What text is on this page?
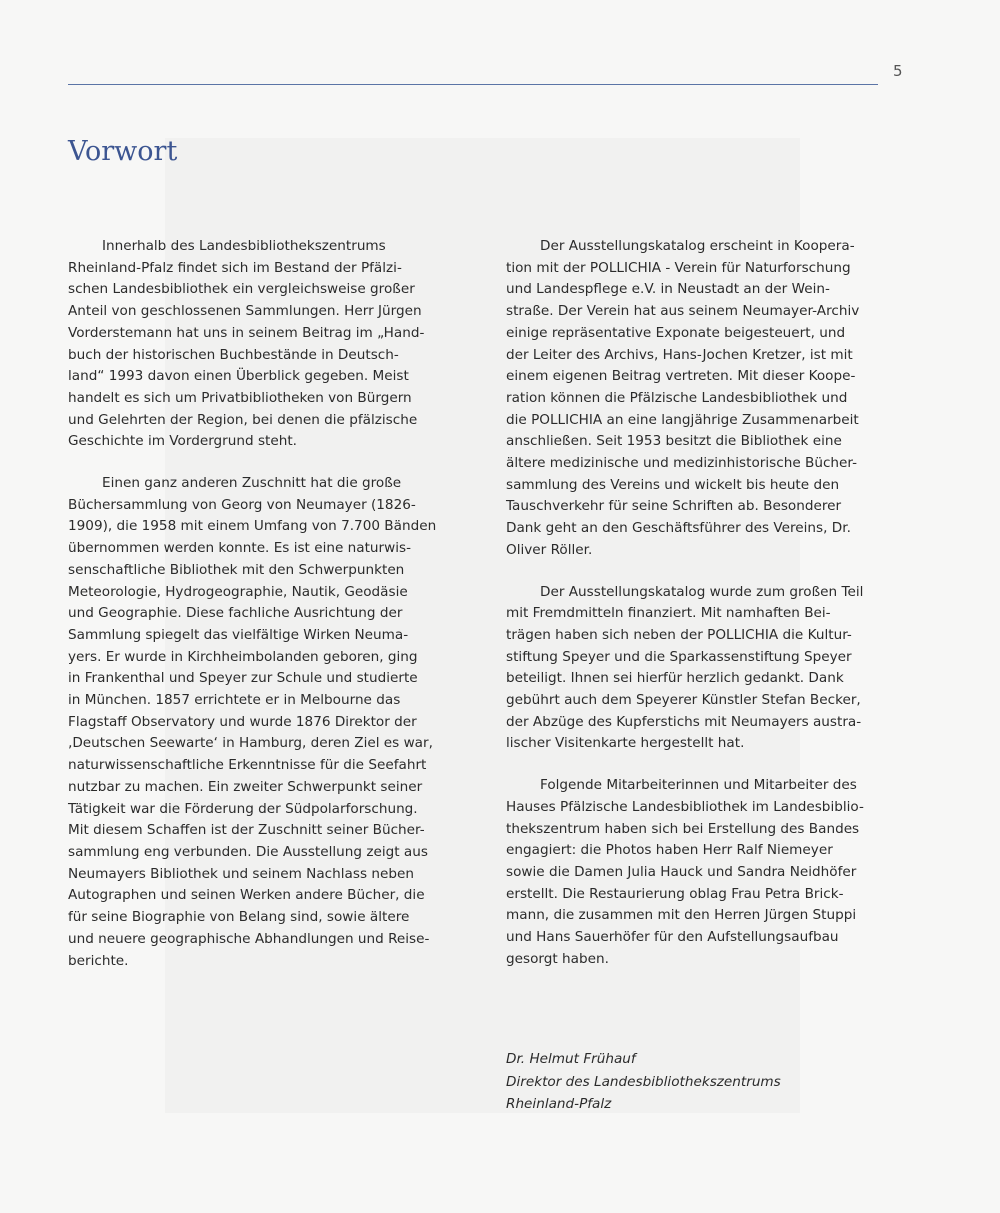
5
Vorwort
Innerhalb des Landesbibliothekszentrums
Rheinland-Pfalz findet sich im Bestand der Pfälzi-
schen Landesbibliothek ein vergleichsweise großer
Anteil von geschlossenen Sammlungen. Herr Jürgen
Vorderstemann hat uns in seinem Beitrag im „Hand-
buch der historischen Buchbestände in Deutsch-
land“ 1993 davon einen Überblick gegeben. Meist
handelt es sich um Privatbibliotheken von Bürgern
und Gelehrten der Region, bei denen die pfälzische
Geschichte im Vordergrund steht.
Einen ganz anderen Zuschnitt hat die große
Büchersammlung von Georg von Neumayer (1826-
1909), die 1958 mit einem Umfang von 7.700 Bänden
übernommen werden konnte. Es ist eine naturwis-
senschaftliche Bibliothek mit den Schwerpunkten
Meteorologie, Hydrogeographie, Nautik, Geodäsie
und Geographie. Diese fachliche Ausrichtung der
Sammlung spiegelt das vielfältige Wirken Neuma-
yers. Er wurde in Kirchheimbolanden geboren, ging
in Frankenthal und Speyer zur Schule und studierte
in München. 1857 errichtete er in Melbourne das
Flagstaff Observatory und wurde 1876 Direktor der
‚Deutschen Seewarte‘ in Hamburg, deren Ziel es war,
naturwissenschaftliche Erkenntnisse für die Seefahrt
nutzbar zu machen. Ein zweiter Schwerpunkt seiner
Tätigkeit war die Förderung der Südpolarforschung.
Mit diesem Schaffen ist der Zuschnitt seiner Bücher-
sammlung eng verbunden. Die Ausstellung zeigt aus
Neumayers Bibliothek und seinem Nachlass neben
Autographen und seinen Werken andere Bücher, die
für seine Biographie von Belang sind, sowie ältere
und neuere geographische Abhandlungen und Reise-
berichte.
Der Ausstellungskatalog erscheint in Koopera-
tion mit der POLLICHIA - Verein für Naturforschung
und Landespflege e.V. in Neustadt an der Wein-
straße. Der Verein hat aus seinem Neumayer-Archiv
einige repräsentative Exponate beigesteuert, und
der Leiter des Archivs, Hans-Jochen Kretzer, ist mit
einem eigenen Beitrag vertreten. Mit dieser Koope-
ration können die Pfälzische Landesbibliothek und
die POLLICHIA an eine langjährige Zusammenarbeit
anschließen. Seit 1953 besitzt die Bibliothek eine
ältere medizinische und medizinhistorische Bücher-
sammlung des Vereins und wickelt bis heute den
Tauschverkehr für seine Schriften ab. Besonderer
Dank geht an den Geschäftsführer des Vereins, Dr.
Oliver Röller.
Der Ausstellungskatalog wurde zum großen Teil
mit Fremdmitteln finanziert. Mit namhaften Bei-
trägen haben sich neben der POLLICHIA die Kultur-
stiftung Speyer und die Sparkassenstiftung Speyer
beteiligt. Ihnen sei hierfür herzlich gedankt. Dank
gebührt auch dem Speyerer Künstler Stefan Becker,
der Abzüge des Kupferstichs mit Neumayers austra-
lischer Visitenkarte hergestellt hat.
Folgende Mitarbeiterinnen und Mitarbeiter des
Hauses Pfälzische Landesbibliothek im Landesbiblio-
thekszentrum haben sich bei Erstellung des Bandes
engagiert: die Photos haben Herr Ralf Niemeyer
sowie die Damen Julia Hauck und Sandra Neidhöfer
erstellt. Die Restaurierung oblag Frau Petra Brick-
mann, die zusammen mit den Herren Jürgen Stuppi
und Hans Sauerhöfer für den Aufstellungsaufbau
gesorgt haben.
Dr. Helmut Frühauf
Direktor des Landesbibliothekszentrums
Rheinland-Pfalz
